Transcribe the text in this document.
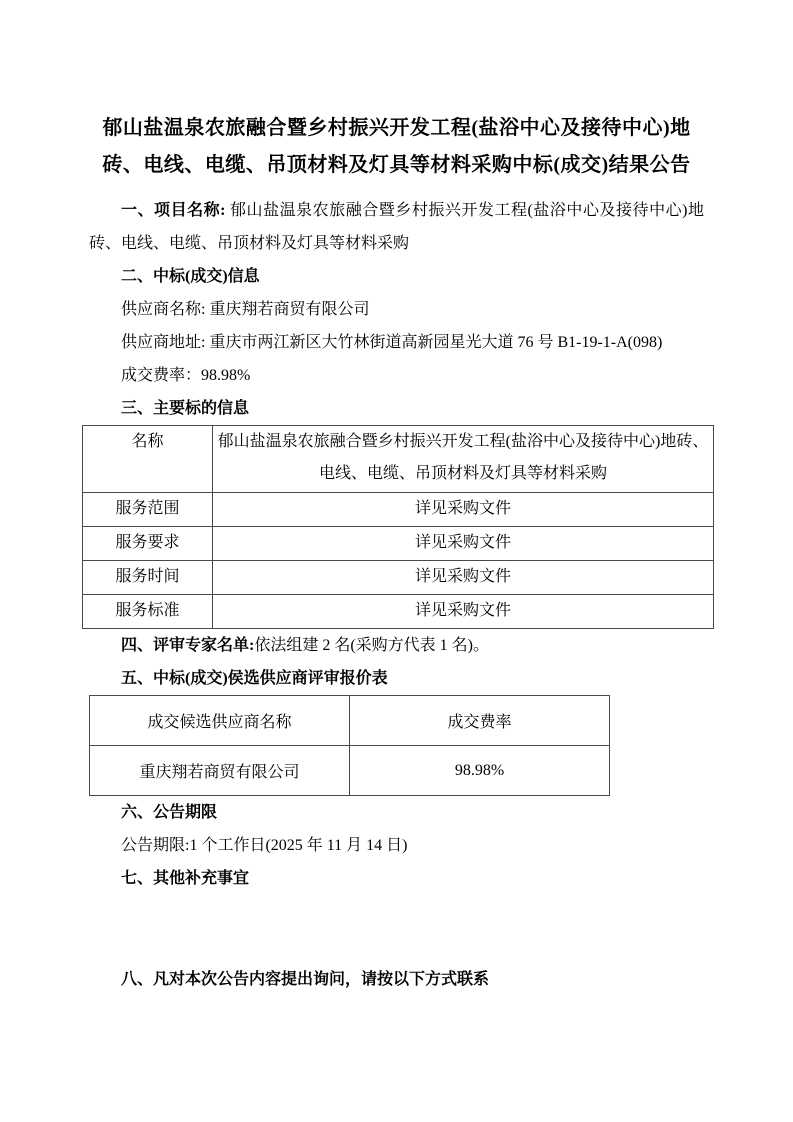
郁山盐温泉农旅融合暨乡村振兴开发工程(盐浴中心及接待中心)地
砖、电线、电缆、吊顶材料及灯具等材料采购中标(成交)结果公告

一、项目名称: 郁山盐温泉农旅融合暨乡村振兴开发工程(盐浴中心及接待中心)地砖、电线、电缆、吊顶材料及灯具等材料采购

二、中标(成交)信息

供应商名称: 重庆翔若商贸有限公司

供应商地址: 重庆市两江新区大竹林街道高新园星光大道 76 号 B1-19-1-A(098)

成交费率：98.98%

三、主要标的信息

名称	郁山盐温泉农旅融合暨乡村振兴开发工程(盐浴中心及接待中心)地砖、电线、电缆、吊顶材料及灯具等材料采购
服务范围	详见采购文件
服务要求	详见采购文件
服务时间	详见采购文件
服务标准	详见采购文件

四、评审专家名单:依法组建 2 名(采购方代表 1 名)。

五、中标(成交)侯选供应商评审报价表

成交候选供应商名称	成交费率
重庆翔若商贸有限公司	98.98%

六、公告期限

公告期限:1 个工作日(2025 年 11 月 14 日)

七、其他补充事宜

八、凡对本次公告内容提出询问，请按以下方式联系
